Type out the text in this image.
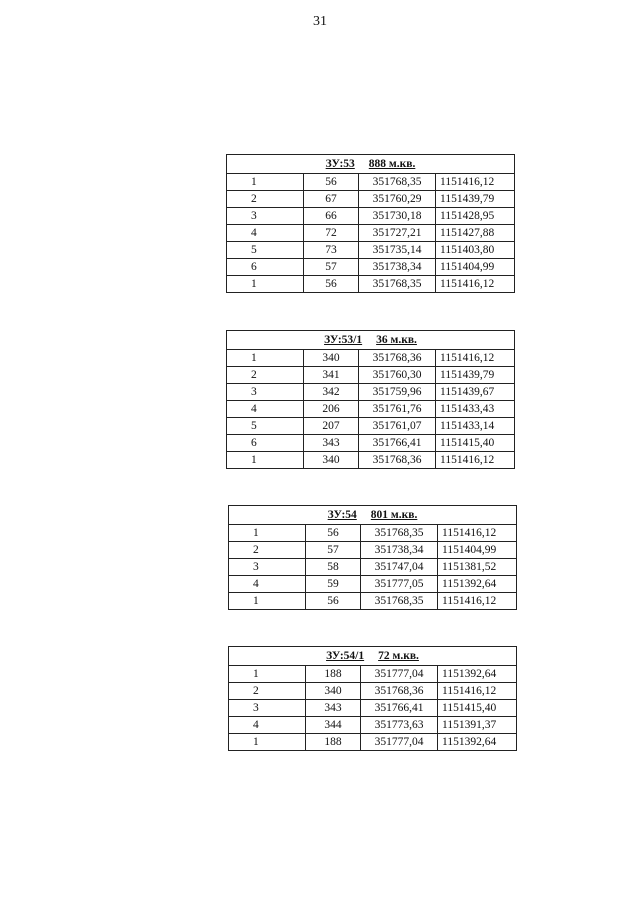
31
ЗУ:53 888 м.кв.			
1	56	351768,35	1151416,12
2	67	351760,29	1151439,79
3	66	351730,18	1151428,95
4	72	351727,21	1151427,88
5	73	351735,14	1151403,80
6	57	351738,34	1151404,99
1	56	351768,35	1151416,12
ЗУ:53/1 36 м.кв.			
1	340	351768,36	1151416,12
2	341	351760,30	1151439,79
3	342	351759,96	1151439,67
4	206	351761,76	1151433,43
5	207	351761,07	1151433,14
6	343	351766,41	1151415,40
1	340	351768,36	1151416,12
ЗУ:54 801 м.кв.			
1	56	351768,35	1151416,12
2	57	351738,34	1151404,99
3	58	351747,04	1151381,52
4	59	351777,05	1151392,64
1	56	351768,35	1151416,12
ЗУ:54/1 72 м.кв.			
1	188	351777,04	1151392,64
2	340	351768,36	1151416,12
3	343	351766,41	1151415,40
4	344	351773,63	1151391,37
1	188	351777,04	1151392,64
